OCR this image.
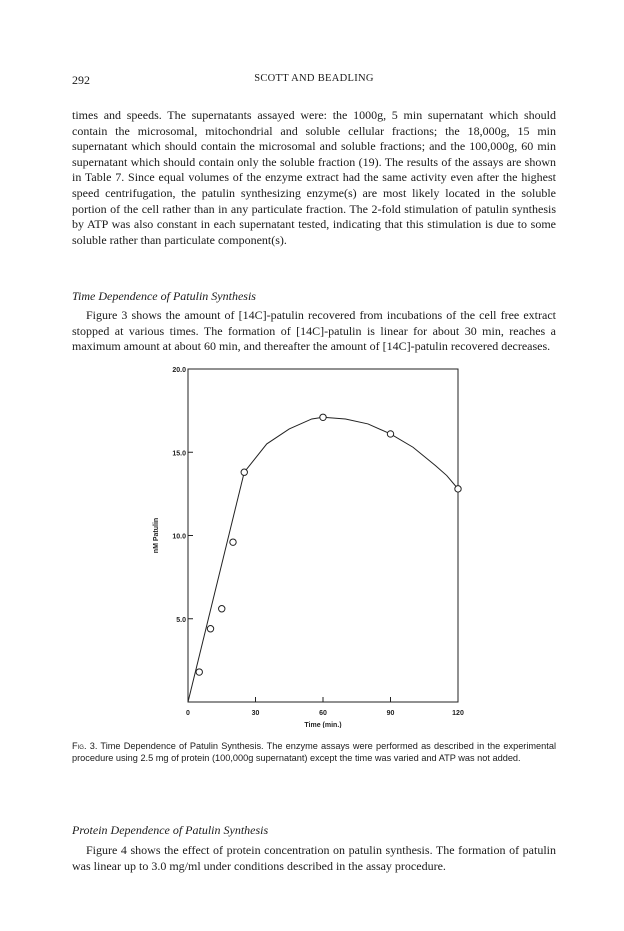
292	SCOTT AND BEADLING

times and speeds. The supernatants assayed were: the 1000g, 5 min supernatant which should contain the microsomal, mitochondrial and soluble cellular fractions; the 18,000g, 15 min supernatant which should contain the microsomal and soluble fractions; and the 100,000g, 60 min supernatant which should contain only the soluble fraction (19). The results of the assays are shown in Table 7. Since equal volumes of the enzyme extract had the same activity even after the highest speed centrifugation, the patulin synthesizing enzyme(s) are most likely located in the soluble portion of the cell rather than in any particulate fraction. The 2-fold stimulation of patulin synthesis by ATP was also constant in each supernatant tested, indicating that this stimulation is due to some soluble rather than particulate component(s).

Time Dependence of Patulin Synthesis

Figure 3 shows the amount of [14C]-patulin recovered from incubations of the cell free extract stopped at various times. The formation of [14C]-patulin is linear for about 30 min, reaches a maximum amount at about 60 min, and thereafter the amount of [14C]-patulin recovered decreases.

0	30	60	90	120
5.0
10.0
15.0
20.0
Time (min.)
nM Patulin
Fig. 3. Time Dependence of Patulin Synthesis. The enzyme assays were performed as described in the experimental procedure using 2.5 mg of protein (100,000g supernatant) except the time was varied and ATP was not added.
Protein Dependence of Patulin Synthesis

Figure 4 shows the effect of protein concentration on patulin synthesis. The formation of patulin was linear up to 3.0 mg/ml under conditions described in the assay procedure.
